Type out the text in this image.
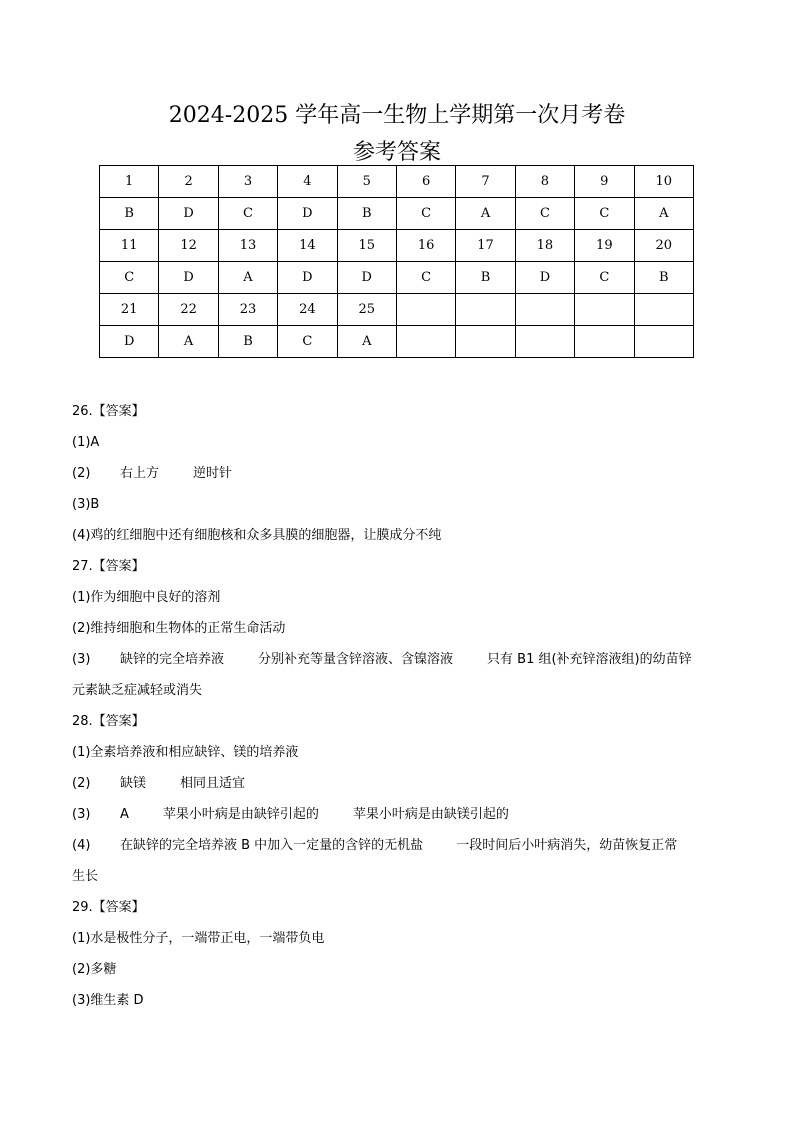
2024-2025 学年高一生物上学期第一次月考卷
参考答案
1	2	3	4	5	6	7	8	9	10
B	D	C	D	B	C	A	C	C	A
11	12	13	14	15	16	17	18	19	20
C	D	A	D	D	C	B	D	C	B
21	22	23	24	25					
D	A	B	C	A					
26.【答案】
(1)A
(2) 右上方	逆时针
(3)B
(4)鸡的红细胞中还有细胞核和众多具膜的细胞器，让膜成分不纯
27.【答案】
(1)作为细胞中良好的溶剂
(2)维持细胞和生物体的正常生命活动
(3) 缺锌的完全培养液	分别补充等量含锌溶液、含镍溶液	只有 B1 组(补充锌溶液组)的幼苗锌
元素缺乏症减轻或消失
28.【答案】
(1)全素培养液和相应缺锌、镁的培养液
(2) 缺镁	相同且适宜
(3) A	苹果小叶病是由缺锌引起的	苹果小叶病是由缺镁引起的
(4) 在缺锌的完全培养液 B 中加入一定量的含锌的无机盐	一段时间后小叶病消失，幼苗恢复正常
生长
29.【答案】
(1)水是极性分子，一端带正电，一端带负电
(2)多糖
(3)维生素 D
